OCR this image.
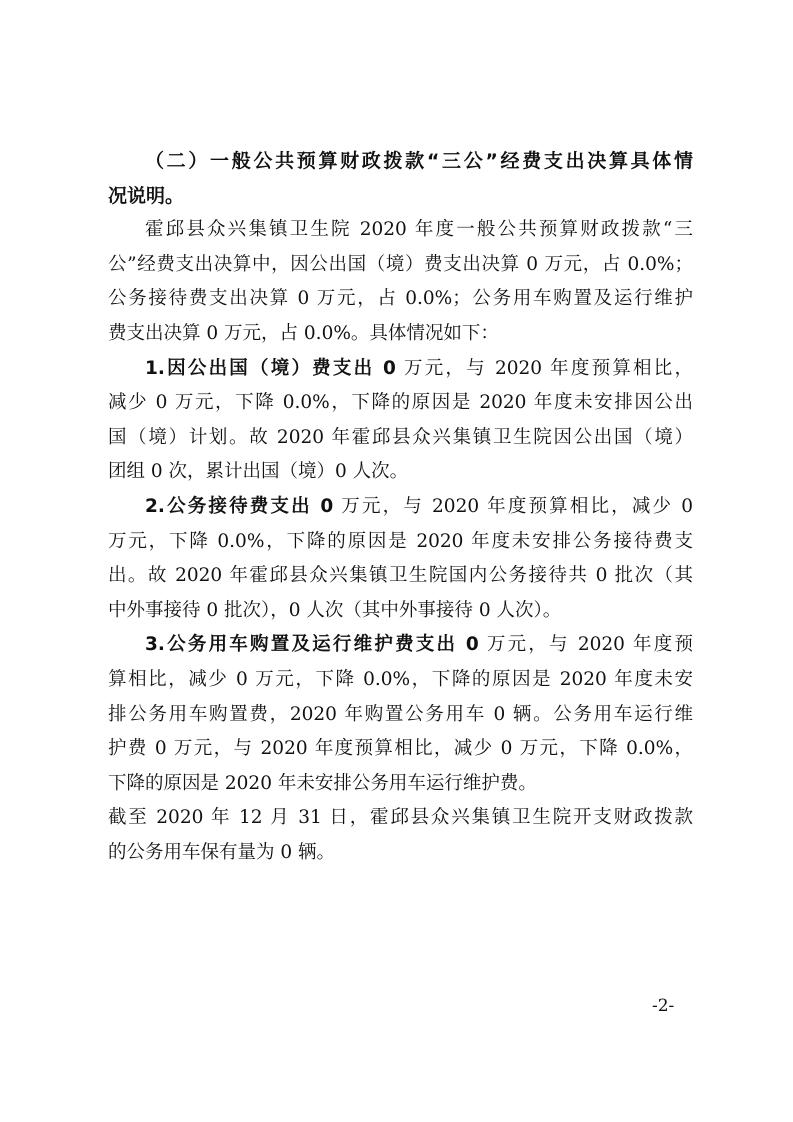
（二）一般公共预算财政拨款“三公”经费支出决算具体情
况说明。
霍邱县众兴集镇卫生院 2020 年度一般公共预算财政拨款“三
公”经费支出决算中，因公出国（境）费支出决算 0 万元，占 0.0%；
公务接待费支出决算 0 万元，占 0.0%；公务用车购置及运行维护
费支出决算 0 万元，占 0.0%。具体情况如下：
1.因公出国（境）费支出 0 万元，与 2020 年度预算相比，
减少 0 万元，下降 0.0%，下降的原因是 2020 年度未安排因公出
国（境）计划。故 2020 年霍邱县众兴集镇卫生院因公出国（境）
团组 0 次，累计出国（境）0 人次。
2.公务接待费支出 0 万元，与 2020 年度预算相比，减少 0
万元，下降 0.0%，下降的原因是 2020 年度未安排公务接待费支
出。故 2020 年霍邱县众兴集镇卫生院国内公务接待共 0 批次（其
中外事接待 0 批次），0 人次（其中外事接待 0 人次）。
3.公务用车购置及运行维护费支出 0 万元，与 2020 年度预
算相比，减少 0 万元，下降 0.0%，下降的原因是 2020 年度未安
排公务用车购置费，2020 年购置公务用车 0 辆。公务用车运行维
护费 0 万元，与 2020 年度预算相比，减少 0 万元，下降 0.0%，
下降的原因是 2020 年未安排公务用车运行维护费。
截至 2020 年 12 月 31 日，霍邱县众兴集镇卫生院开支财政拨款
的公务用车保有量为 0 辆。
-2-
